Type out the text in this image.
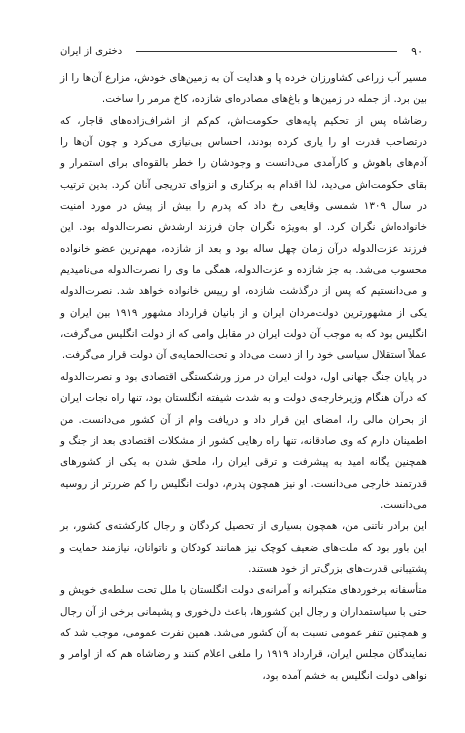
۹۰
دختری از ایران

مسیر آب زراعی کشاورزان خرده پا و هدایت آن به زمین‌های خودش، مزارع آن‌ها را از بین برد. از جمله در زمین‌ها و باغ‌های مصادره‌ای شازده، کاخ مرمر را ساخت.

رضاشاه پس از تحکیم پایه‌های حکومت‌اش، کم‌کم از اشراف‌زاده‌های قاجار، که درتصاحب قدرت او را یاری کرده بودند، احساس بی‌نیازی می‌کرد و چون آن‌ها را آدم‌های باهوش و کارآمدی می‌دانست و وجودشان را خطر بالقوه‌ای برای استمرار و بقای حکومت‌اش می‌دید، لذا اقدام به برکناری و انزوای تدریجی آنان کرد. بدین ترتیب در سال ۱۳۰۹ شمسی وقایعی رخ داد که پدرم را بیش از پیش در مورد امنیت خانواده‌اش نگران کرد. او به‌ویژه نگران جان فرزند ارشدش نصرت‌الدوله بود. این فرزند عزت‌الدوله درآن زمان چهل ساله بود و بعد از شازده، مهم‌ترین عضو خانواده محسوب می‌شد. به جز شازده و عزت‌الدوله، همگی ما وی را نصرت‌الدوله می‌نامیدیم و می‌دانستیم که پس از درگذشت شازده، او رییس خانواده خواهد شد. نصرت‌الدوله یکی از مشهورترین دولت‌مردان ایران و از بانیان قرارداد مشهور ۱۹۱۹ بین ایران و انگلیس بود که به موجب آن دولت ایران در مقابل وامی که از دولت انگلیس می‌گرفت، عملاً استقلال سیاسی خود را از دست می‌داد و تحت‌الحمایه‌ی آن دولت قرار می‌گرفت.

در پایان جنگ جهانی اول، دولت ایران در مرز ورشکستگی اقتصادی بود و نصرت‌الدوله که درآن هنگام وزیرخارجه‌ی دولت و به شدت شیفته انگلستان بود، تنها راه نجات ایران از بحران مالی را، امضای این قرار داد و دریافت وام از آن کشور می‌دانست. من اطمینان دارم که وی صادقانه، تنها راه رهایی کشور از مشکلات اقتصادی بعد از جنگ و همچنین یگانه امید به پیشرفت و ترقی ایران را، ملحق شدن به یکی از کشورهای قدرتمند خارجی می‌دانست. او نیز همچون پدرم، دولت انگلیس را کم ضررتر از روسیه می‌دانست.

این برادر ناتنی من، همچون بسیاری از تحصیل کردگان و رجال کارکشته‌ی کشور، بر این باور بود که ملت‌های ضعیف کوچک نیز همانند کودکان و ناتوانان، نیازمند حمایت و پشتیبانی قدرت‌های بزرگ‌تر از خود هستند.

متأسفانه برخوردهای متکبرانه و آمرانه‌ی دولت انگلستان با ملل تحت سلطه‌ی خویش و حتی با سیاستمداران و رجال این کشورها، باعث دل‌خوری و پشیمانی برخی از آن رجال و همچنین تنفر عمومی نسبت به آن کشور می‌شد. همین نفرت عمومی، موجب شد که نمایندگان مجلس ایران، قرارداد ۱۹۱۹ را ملغی اعلام کنند و رضاشاه هم که از اوامر و نواهی دولت انگلیس به خشم آمده بود،
